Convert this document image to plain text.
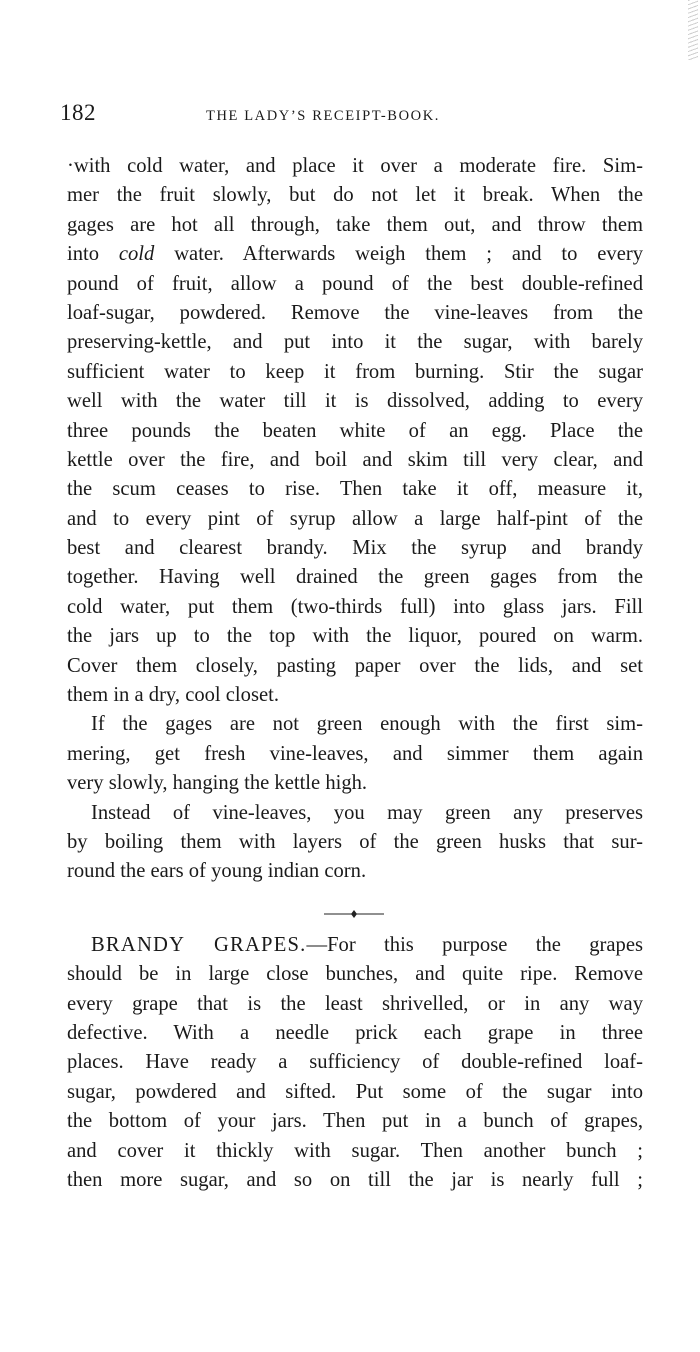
182	THE LADY’S RECEIPT-BOOK.
·with cold water, and place it over a moderate fire. Sim-
mer the fruit slowly, but do not let it break. When the
gages are hot all through, take them out, and throw them
into cold water. Afterwards weigh them ; and to every
pound of fruit, allow a pound of the best double-refined
loaf-sugar, powdered. Remove the vine-leaves from the
preserving-kettle, and put into it the sugar, with barely
sufficient water to keep it from burning. Stir the sugar
well with the water till it is dissolved, adding to every
three pounds the beaten white of an egg. Place the
kettle over the fire, and boil and skim till very clear, and
the scum ceases to rise. Then take it off, measure it,
and to every pint of syrup allow a large half-pint of the
best and clearest brandy. Mix the syrup and brandy
together. Having well drained the green gages from the
cold water, put them (two-thirds full) into glass jars. Fill
the jars up to the top with the liquor, poured on warm.
Cover them closely, pasting paper over the lids, and set
them in a dry, cool closet.
If the gages are not green enough with the first sim-
mering, get fresh vine-leaves, and simmer them again
very slowly, hanging the kettle high.
Instead of vine-leaves, you may green any preserves
by boiling them with layers of the green husks that sur-
round the ears of young indian corn.
BRANDY GRAPES.—For this purpose the grapes
should be in large close bunches, and quite ripe. Remove
every grape that is the least shrivelled, or in any way
defective. With a needle prick each grape in three
places. Have ready a sufficiency of double-refined loaf-
sugar, powdered and sifted. Put some of the sugar into
the bottom of your jars. Then put in a bunch of grapes,
and cover it thickly with sugar. Then another bunch ;
then more sugar, and so on till the jar is nearly full ;
